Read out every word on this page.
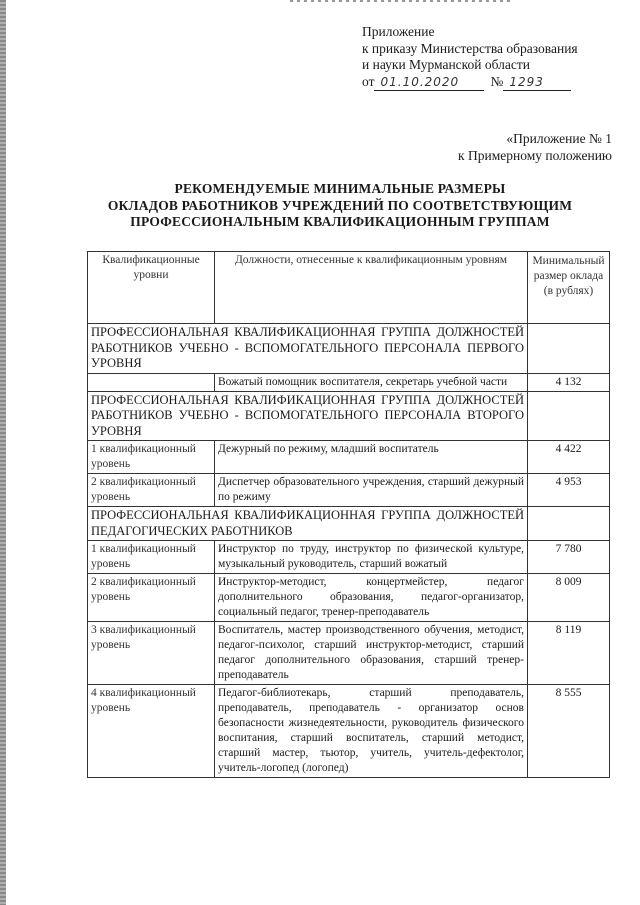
Приложение
к приказу Министерства образования
и науки Мурманской области
от 01.10.2020	№ 1293
«Приложение № 1
к Примерному положению
РЕКОМЕНДУЕМЫЕ МИНИМАЛЬНЫЕ РАЗМЕРЫ
ОКЛАДОВ РАБОТНИКОВ УЧРЕЖДЕНИЙ ПО СООТВЕТСТВУЮЩИМ
ПРОФЕССИОНАЛЬНЫМ КВАЛИФИКАЦИОННЫМ ГРУППАМ
Квалификационные уровни	Должности, отнесенные к квалификационным уровням	Минимальный размер оклада (в рублях)
ПРОФЕССИОНАЛЬНАЯ КВАЛИФИКАЦИОННАЯ ГРУППА ДОЛЖНОСТЕЙ РАБОТНИКОВ УЧЕБНО - ВСПОМОГАТЕЛЬНОГО ПЕРСОНАЛА ПЕРВОГО УРОВНЯ		
	Вожатый помощник воспитателя, секретарь учебной части	4 132
ПРОФЕССИОНАЛЬНАЯ КВАЛИФИКАЦИОННАЯ ГРУППА ДОЛЖНОСТЕЙ РАБОТНИКОВ УЧЕБНО - ВСПОМОГАТЕЛЬНОГО ПЕРСОНАЛА ВТОРОГО УРОВНЯ		
1 квалификационный уровень	Дежурный по режиму, младший воспитатель	4 422
2 квалификационный уровень	Диспетчер образовательного учреждения, старший дежурный по режиму	4 953
ПРОФЕССИОНАЛЬНАЯ КВАЛИФИКАЦИОННАЯ ГРУППА ДОЛЖНОСТЕЙ ПЕДАГОГИЧЕСКИХ РАБОТНИКОВ		
1 квалификационный уровень	Инструктор по труду, инструктор по физической культуре, музыкальный руководитель, старший вожатый	7 780
2 квалификационный уровень	Инструктор-методист, концертмейстер, педагог дополнительного образования, педагог-организатор, социальный педагог, тренер-преподаватель	8 009
3 квалификационный уровень	Воспитатель, мастер производственного обучения, методист, педагог-психолог, старший инструктор-методист, старший педагог дополнительного образования, старший тренер-преподаватель	8 119
4 квалификационный уровень	Педагог-библиотекарь, старший преподаватель, преподаватель, преподаватель - организатор основ безопасности жизнедеятельности, руководитель физического воспитания, старший воспитатель, старший методист, старший мастер, тьютор, учитель, учитель-дефектолог, учитель-логопед (логопед)	8 555
